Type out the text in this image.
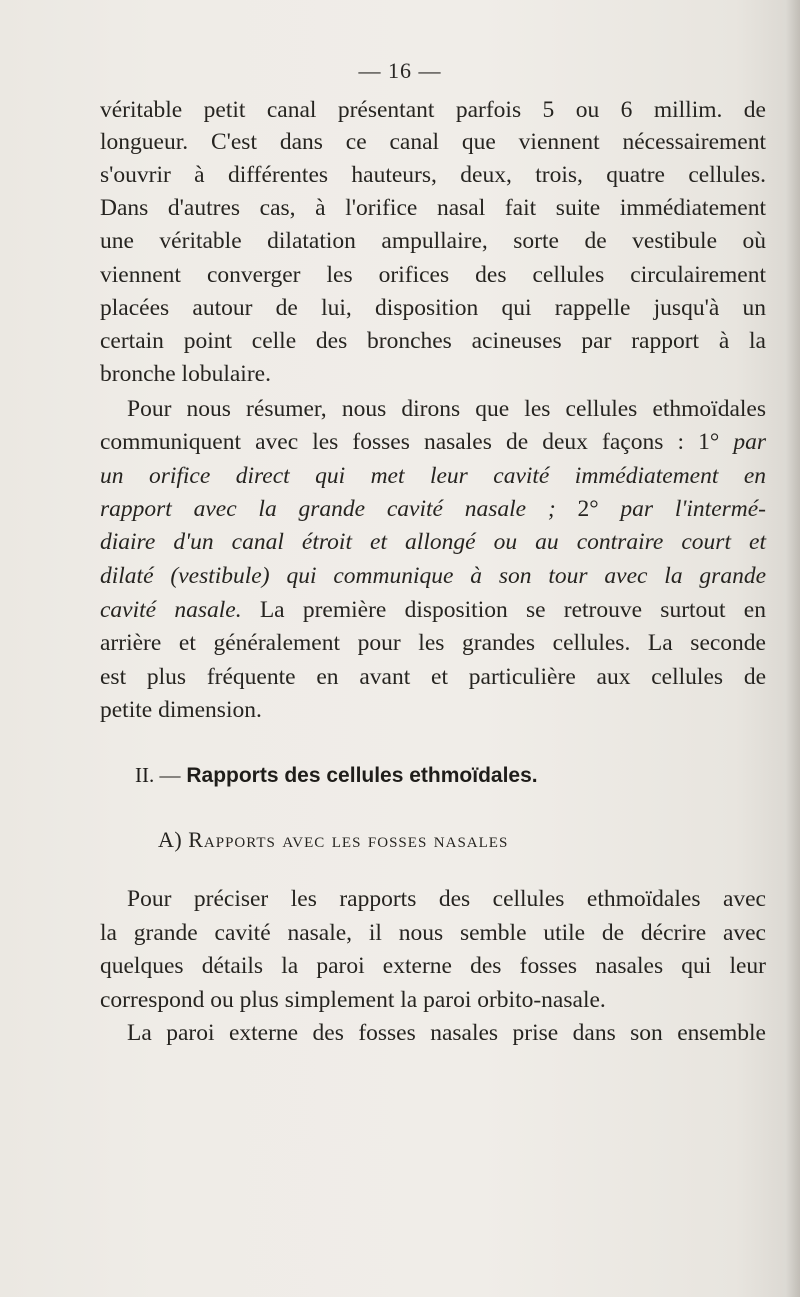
— 16 —
véritable petit canal présentant parfois 5 ou 6 millim. de
longueur. C'est dans ce canal que viennent nécessairement
s'ouvrir à différentes hauteurs, deux, trois, quatre cellules.
Dans d'autres cas, à l'orifice nasal fait suite immédiatement
une véritable dilatation ampullaire, sorte de vestibule où
viennent converger les orifices des cellules circulairement
placées autour de lui, disposition qui rappelle jusqu'à un
certain point celle des bronches acineuses par rapport à la
bronche lobulaire.
Pour nous résumer, nous dirons que les cellules ethmoïdales
communiquent avec les fosses nasales de deux façons : 1° par
un orifice direct qui met leur cavité immédiatement en
rapport avec la grande cavité nasale ; 2° par l'intermé-
diaire d'un canal étroit et allongé ou au contraire court et
dilaté (vestibule) qui communique à son tour avec la grande
cavité nasale. La première disposition se retrouve surtout en
arrière et généralement pour les grandes cellules. La seconde
est plus fréquente en avant et particulière aux cellules de
petite dimension.
II. — Rapports des cellules ethmoïdales.
A) Rapports avec les fosses nasales
Pour préciser les rapports des cellules ethmoïdales avec
la grande cavité nasale, il nous semble utile de décrire avec
quelques détails la paroi externe des fosses nasales qui leur
correspond ou plus simplement la paroi orbito-nasale.
La paroi externe des fosses nasales prise dans son ensemble
